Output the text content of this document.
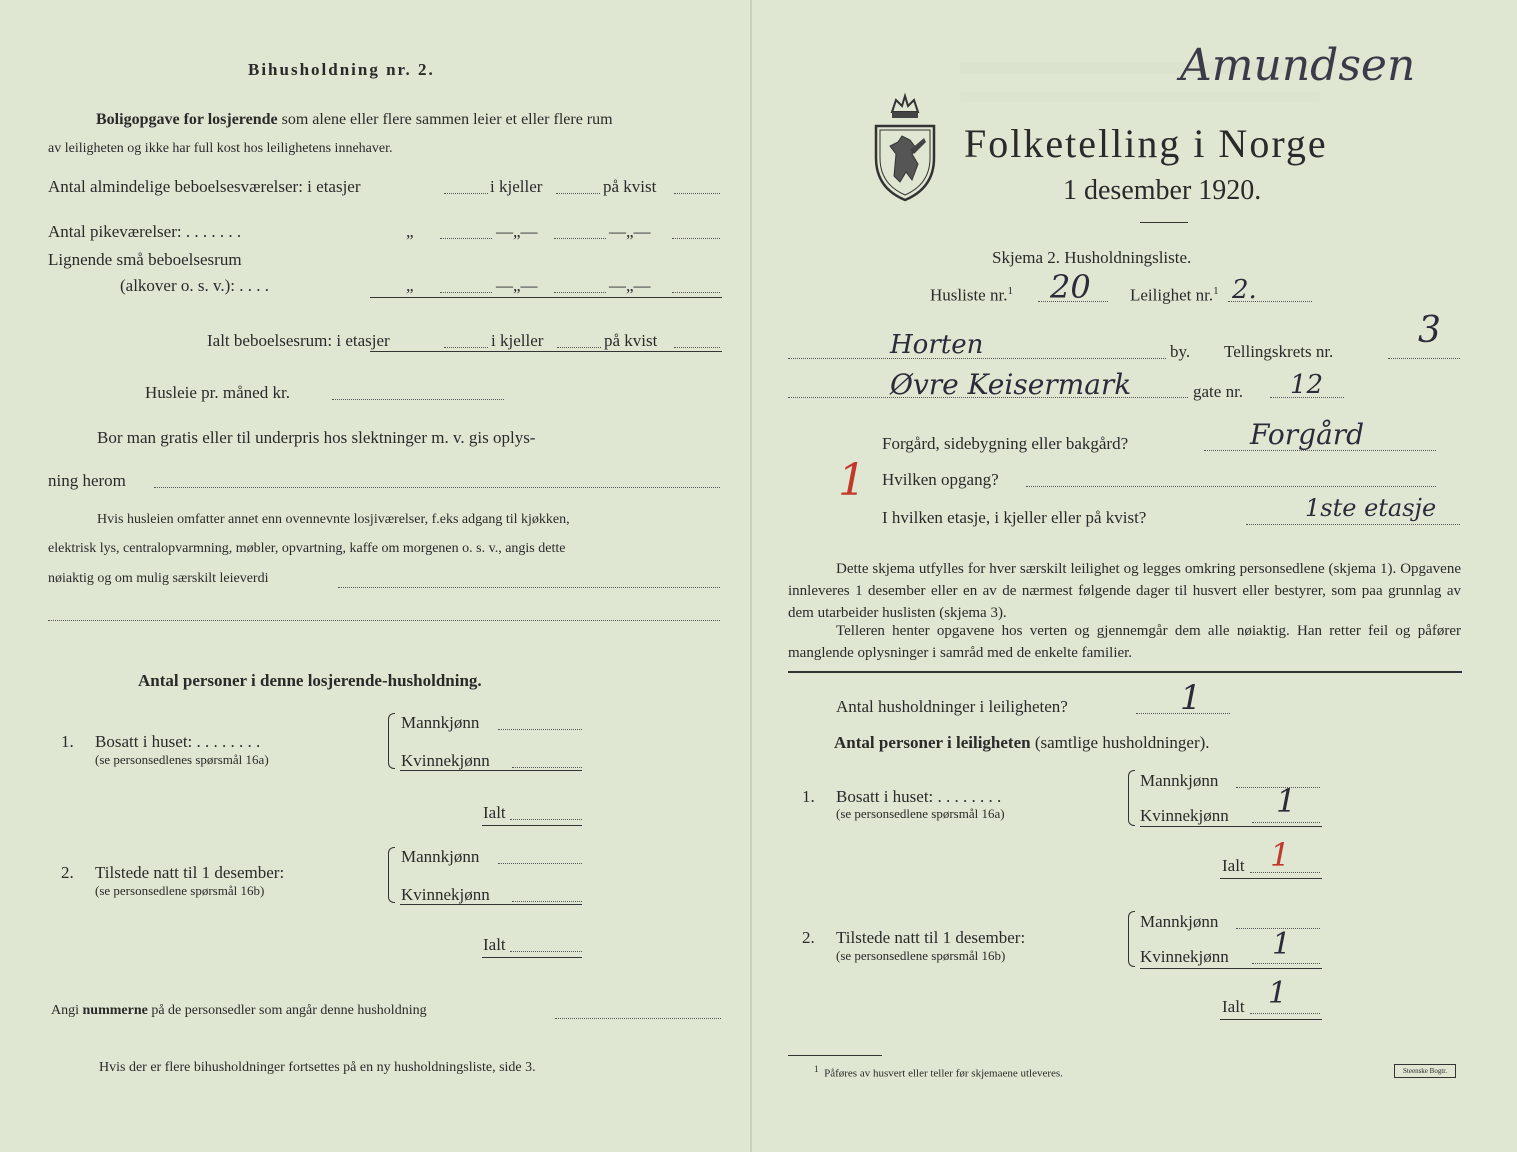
Bihusholdning nr. 2.
Boligopgave for losjerende som alene eller flere sammen leier et eller flere rum
av leiligheten og ikke har full kost hos leilighetens innehaver.
Antal almindelige beboelsesværelser: i etasjer	i kjeller	på kvist
Antal pikeværelser: . . . . . . .	„	—„—	—„—
Lignende små beboelsesrum
(alkover o. s. v.): . . . .	„	—„—	—„—
Ialt beboelsesrum: i etasjer	i kjeller	på kvist
Husleie pr. måned kr.
Bor man gratis eller til underpris hos slektninger m. v. gis oplys-
ning herom
Hvis husleien omfatter annet enn ovennevnte losjiværelser, f.eks adgang til kjøkken,
elektrisk lys, centralopvarmning, møbler, opvartning, kaffe om morgenen o. s. v., angis dette
nøiaktig og om mulig særskilt leieverdi
Antal personer i denne losjerende-husholdning.
1. Bosatt i huset: . . . . . . . .
(se personsedlenes spørsmål 16a)
Mannkjønn
Kvinnekjønn
Ialt
2. Tilstede natt til 1 desember:
(se personsedlene spørsmål 16b)
Mannkjønn
Kvinnekjønn
Ialt
Angi nummerne på de personsedler som angår denne husholdning
Hvis der er flere bihusholdninger fortsettes på en ny husholdningsliste, side 3.
Folketelling i Norge
1 desember 1920.
Skjema 2. Husholdningsliste.
Husliste nr.$^1$ 20 Leilighet nr.$^1$ 2.
Horten	by. Tellingskrets nr.
3
Øvre Keisermark	gate nr. 12
Forgård, sidebygning eller bakgård?	Forgård
1 Hvilken opgang?
I hvilken etasje, i kjeller eller på kvist?	1ste etasje
Amundsen
Dette skjema utfylles for hver særskilt leilighet og legges omkring personsedlene (skjema 1). Opgavene innleveres 1 desember eller en av de nærmest følgende dager til husvert eller bestyrer, som paa grunnlag av dem utarbeider huslisten (skjema 3).
Telleren henter opgavene hos verten og gjennemgår dem alle nøiaktig. Han retter feil og påfører manglende oplysninger i samråd med de enkelte familier.
Antal husholdninger i leiligheten?	1
Antal personer i leiligheten (samtlige husholdninger).
1. Bosatt i huset: . . . . . . . .
(se personsedlene spørsmål 16a)
Mannkjønn
Kvinnekjønn 1
Ialt 1
2. Tilstede natt til 1 desember:
(se personsedlene spørsmål 16b)
Mannkjønn
Kvinnekjønn 1
Ialt 1
$^1$ Påføres av husvert eller teller før skjemaene utleveres.	Steenske Bogtr.
